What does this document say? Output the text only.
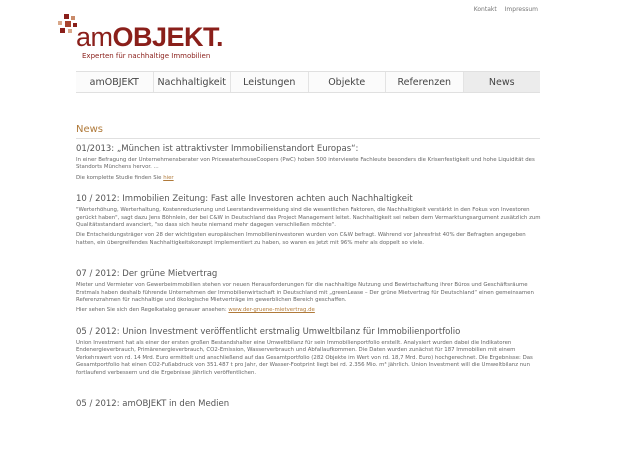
Kontakt Impressum
amOBJEKT.
Experten für nachhaltige Immobilien
amOBJEKT	Nachhaltigkeit	Leistungen	Objekte	Referenzen	News
News
01/2013: „München ist attraktivster Immobilienstandort Europas“:

In einer Befragung der Unternehmensberater von PricewaterhouseCoopers (PwC) hoben 500 interviewte Fachleute besonders die Krisenfestigkeit und hohe Liquidität des Standorts Münchens hervor. ...

Die komplette Studie finden Sie hier

10 / 2012: Immobilien Zeitung: Fast alle Investoren achten auch Nachhaltigkeit

"Werterhöhung, Werterhaltung, Kostenreduzierung und Leerstandsvermeidung sind die wesentlichen Faktoren, die Nachhaltigkeit verstärkt in den Fokus von Investoren gerückt haben", sagt dazu Jens Böhnlein, der bei C&W in Deutschland das Project Management leitet. Nachhaltigkeit sei neben dem Vermarktungsargument zusätzlich zum Qualitätsstandard avanciert, "so dass sich heute niemand mehr dagegen verschließen möchte".

Die Entscheidungsträger von 28 der wichtigsten europäischen Immobilieninvestoren wurden von C&W befragt. Während vor Jahresfrist 40% der Befragten angegeben hatten, ein übergreifendes Nachhaltigkeitskonzept implementiert zu haben, so waren es jetzt mit 96% mehr als doppelt so viele.

07 / 2012: Der grüne Mietvertrag

Mieter und Vermieter von Gewerbeimmobilien stehen vor neuen Herausforderungen für die nachhaltige Nutzung und Bewirtschaftung ihrer Büros und Geschäftsräume Erstmals haben deshalb führende Unternehmen der Immobilienwirtschaft in Deutschland mit „greenLease – Der grüne Mietvertrag für Deutschland“ einen gemeinsamen Referenzrahmen für nachhaltige und ökologische Mietverträge im gewerblichen Bereich geschaffen.

Hier sehen Sie sich den Regelkatalog genauer ansehen: www.der-gruene-mietvertrag.de

05 / 2012: Union Investment veröffentlicht erstmalig Umweltbilanz für Immobilienportfolio

Union Investment hat als einer der ersten großen Bestandshalter eine Umweltbilanz für sein Immobilienportfolio erstellt. Analysiert wurden dabei die Indikatoren Endenergieverbrauch, Primärenergieverbrauch, CO2-Emission, Wasserverbrauch und Abfallaufkommen. Die Daten wurden zunächst für 187 Immobilien mit einem Verkehrswert von rd. 14 Mrd. Euro ermittelt und anschließend auf das Gesamtportfolio (282 Objekte im Wert von rd. 18,7 Mrd. Euro) hochgerechnet. Die Ergebnisse: Das Gesamtportfolio hat einen CO2-Fußabdruck von 351.487 t pro Jahr, der Wasser-Footprint liegt bei rd. 2.356 Mio. m³ jährlich. Union Investment will die Umweltbilanz nun fortlaufend verbessern und die Ergebnisse jährlich veröffentlichen.

05 / 2012: amOBJEKT in den Medien
